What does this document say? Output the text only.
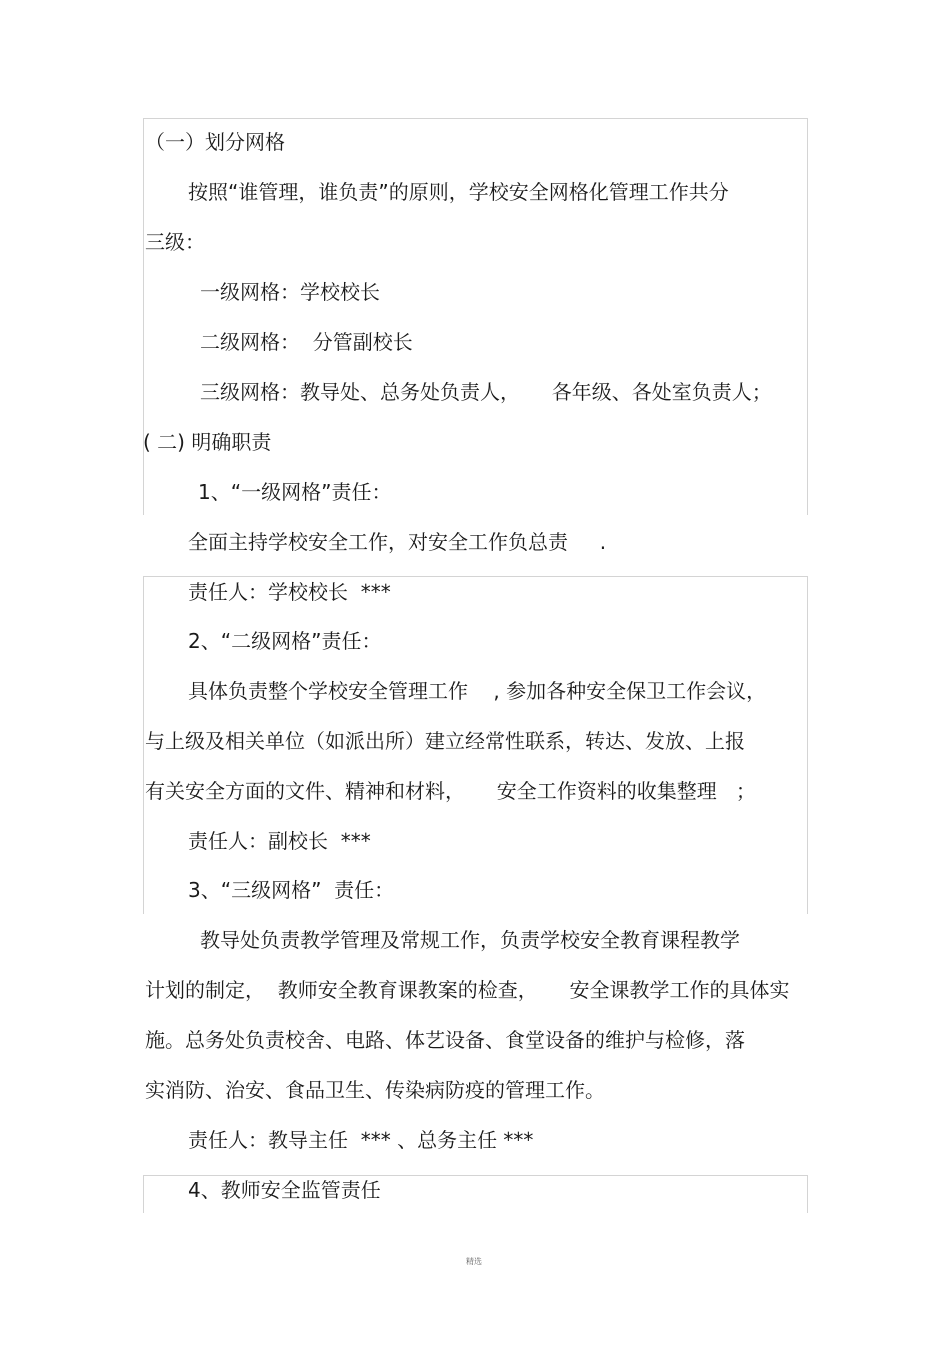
（一）划分网格
按照“谁管理，谁负责”的原则，学校安全网格化管理工作共分
三级：
一级网格：学校校长
二级网格：  分管副校长
三级网格：教导处、总务处负责人，     各年级、各处室负责人；
( 二) 明确职责
1、“一级网格”责任：
全面主持学校安全工作，对安全工作负总责     .
责任人：学校校长  ***
2、“二级网格”责任：
具体负责整个学校安全管理工作    , 参加各种安全保卫工作会议，
与上级及相关单位（如派出所）建立经常性联系，转达、发放、上报
有关安全方面的文件、精神和材料，     安全工作资料的收集整理   ；
责任人：副校长  ***
3、“三级网格”  责任：
教导处负责教学管理及常规工作，负责学校安全教育课程教学
计划的制定，  教师安全教育课教案的检查，     安全课教学工作的具体实
施。总务处负责校舍、电路、体艺设备、食堂设备的维护与检修，落
实消防、治安、食品卫生、传染病防疫的管理工作。
责任人：教导主任  *** 、总务主任 ***
4、教师安全监管责任
精选
